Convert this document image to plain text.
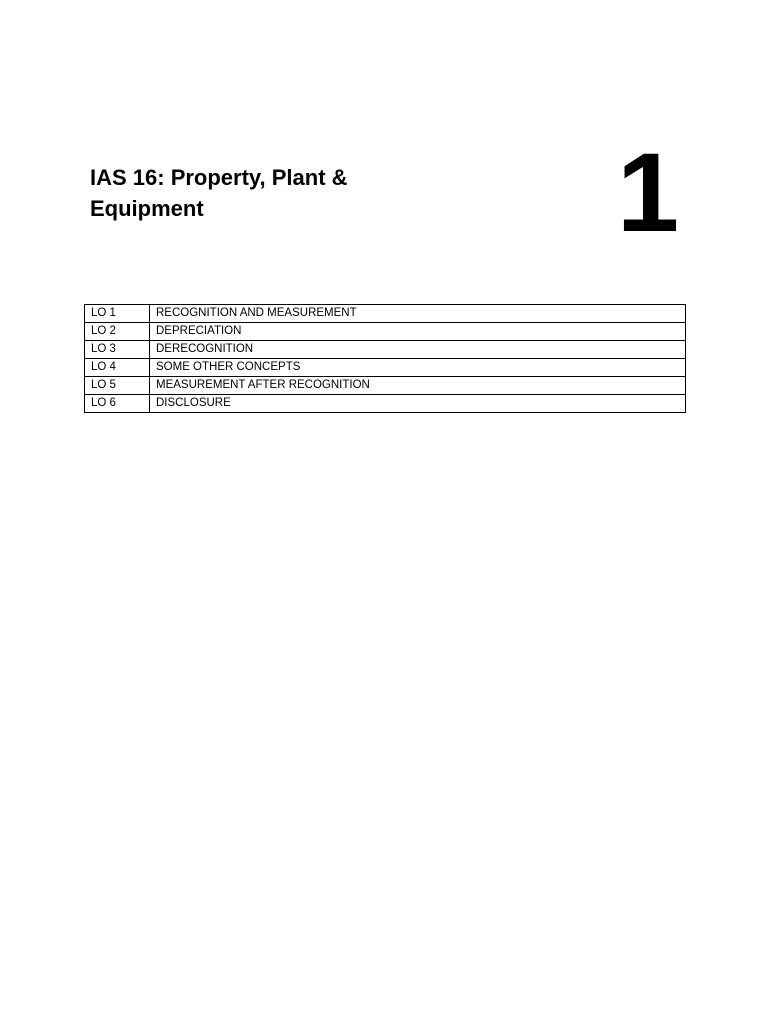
IAS 16: Property, Plant &
Equipment	1
LO 1	RECOGNITION AND MEASUREMENT
LO 2	DEPRECIATION
LO 3	DERECOGNITION
LO 4	SOME OTHER CONCEPTS
LO 5	MEASUREMENT AFTER RECOGNITION
LO 6	DISCLOSURE
